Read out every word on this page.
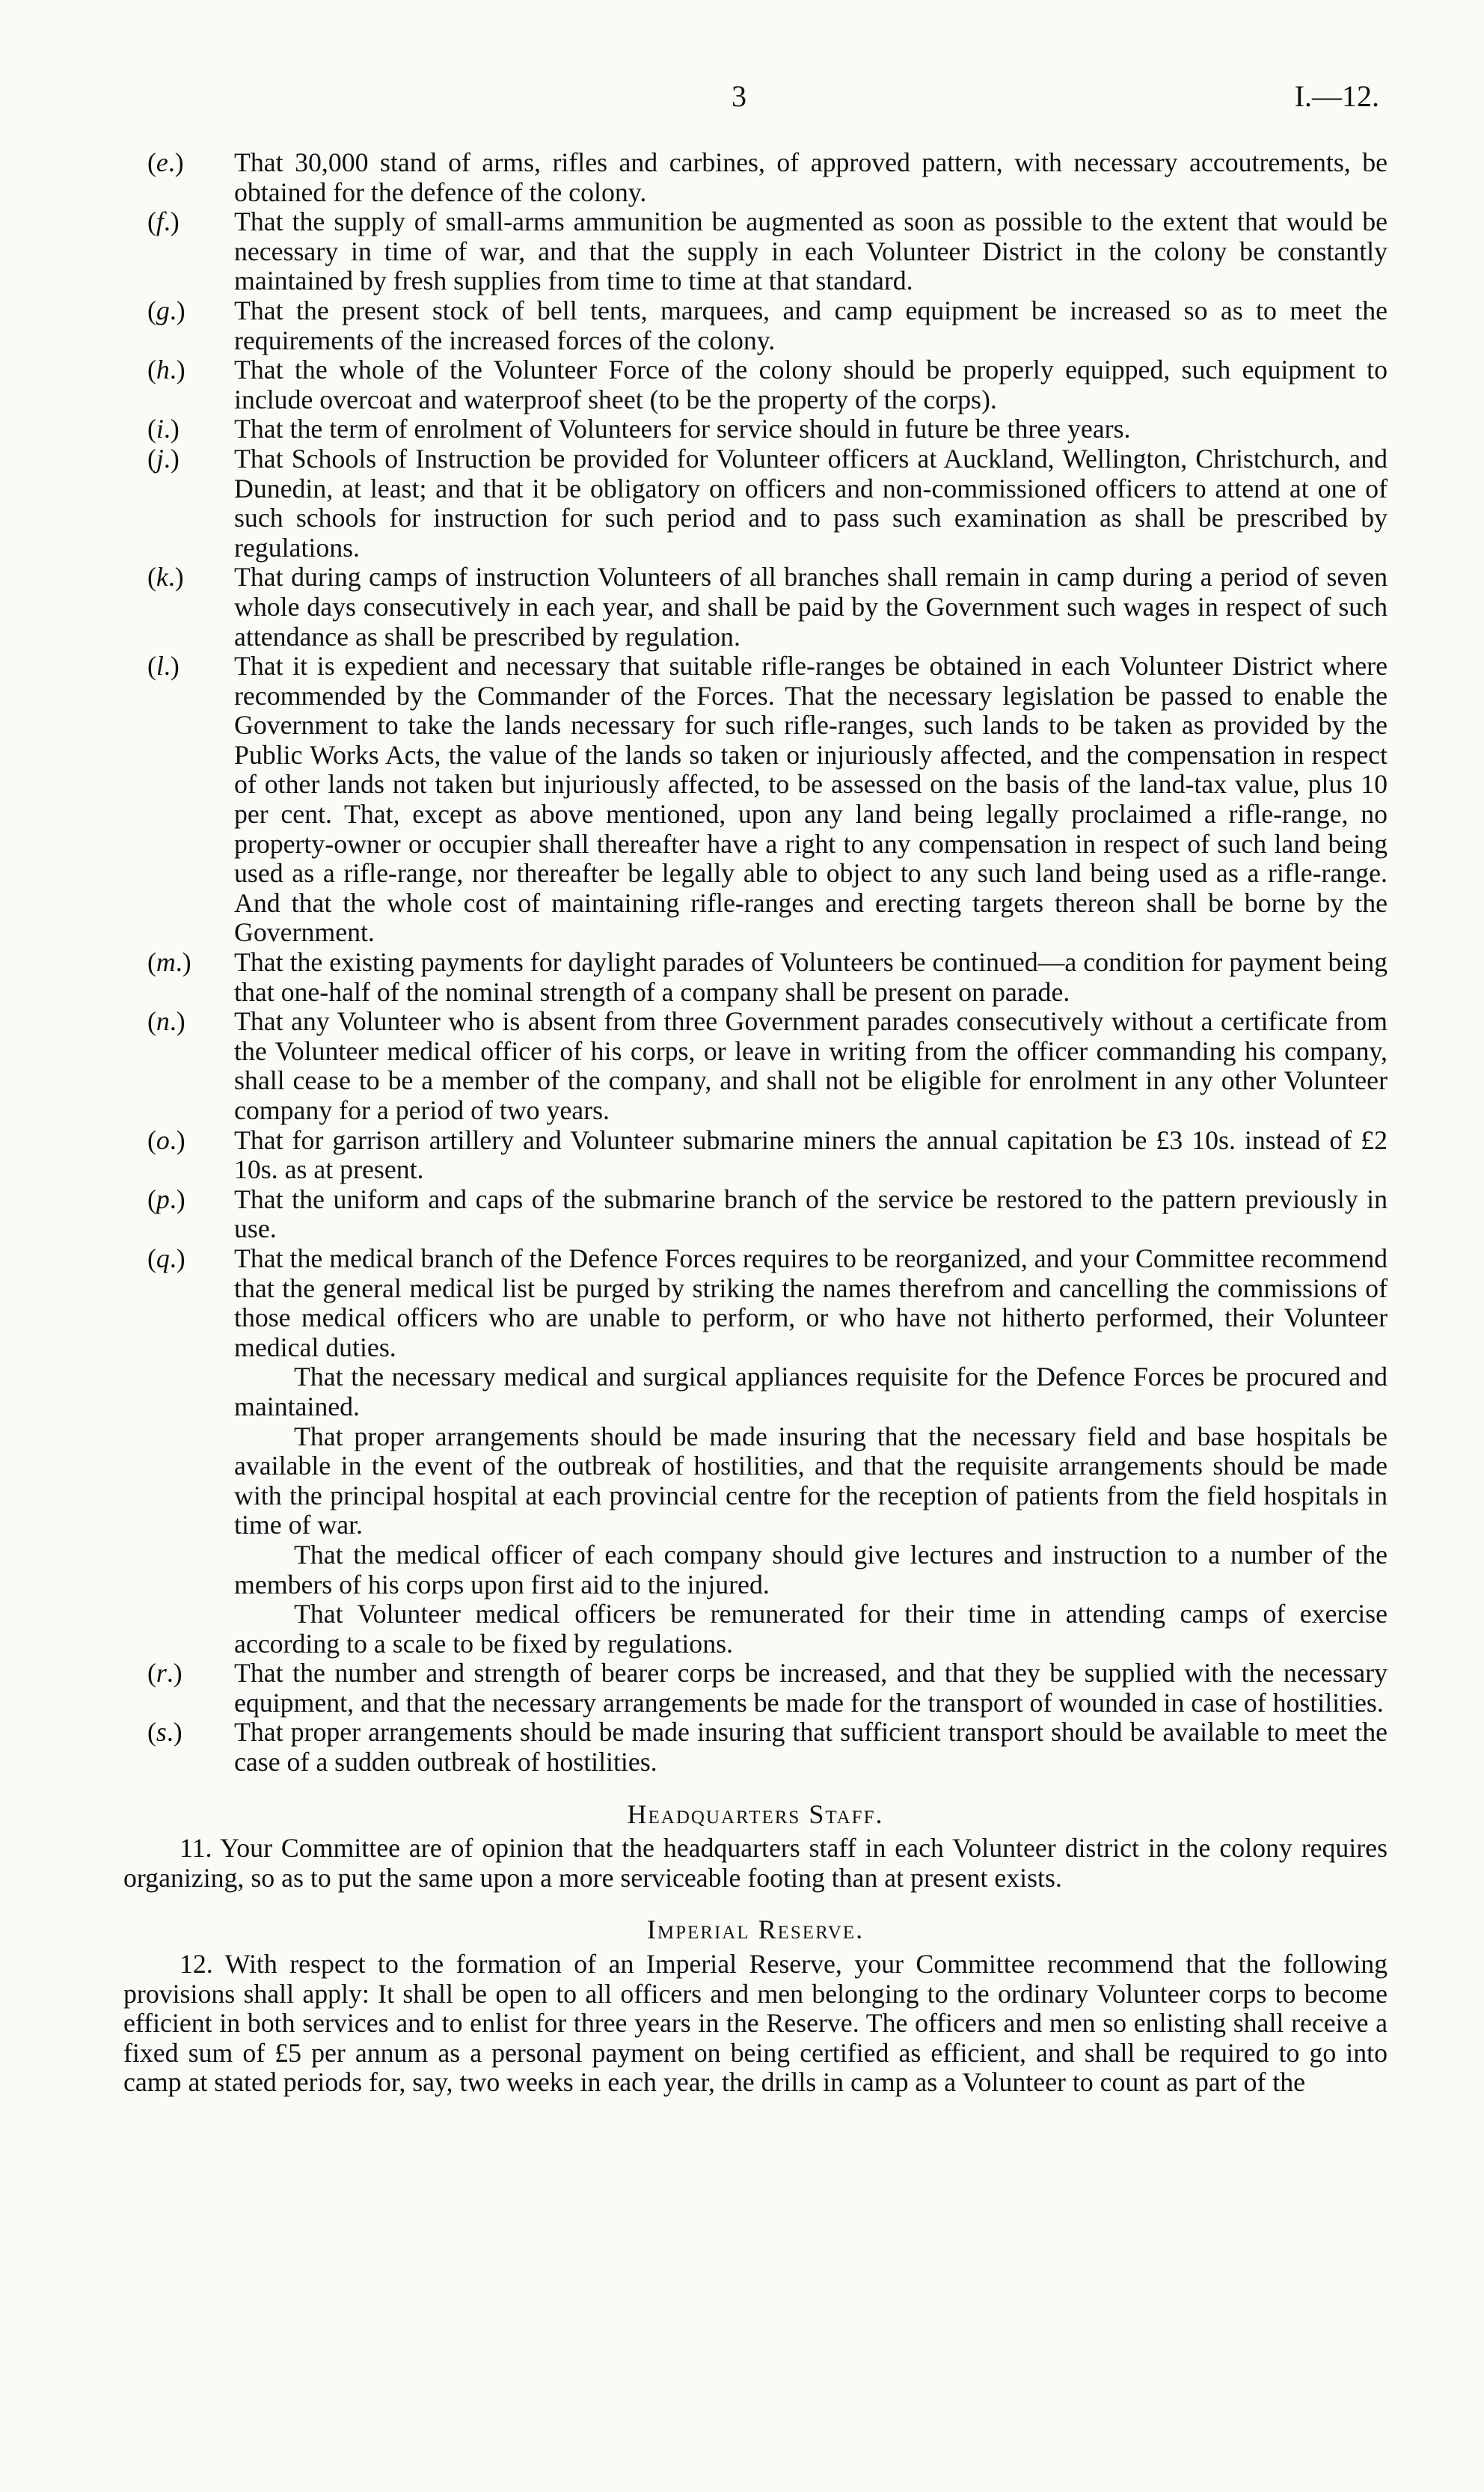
3	I.—12.

(e.) That 30,000 stand of arms, rifles and carbines, of approved pattern, with necessary accoutrements, be obtained for the defence of the colony.

(f.) That the supply of small-arms ammunition be augmented as soon as possible to the extent that would be necessary in time of war, and that the supply in each Volunteer District in the colony be constantly maintained by fresh supplies from time to time at that standard.

(g.) That the present stock of bell tents, marquees, and camp equipment be increased so as to meet the requirements of the increased forces of the colony.

(h.) That the whole of the Volunteer Force of the colony should be properly equipped, such equipment to include overcoat and waterproof sheet (to be the property of the corps).

(i.) That the term of enrolment of Volunteers for service should in future be three years.

(j.) That Schools of Instruction be provided for Volunteer officers at Auckland, Wellington, Christchurch, and Dunedin, at least; and that it be obligatory on officers and non-commissioned officers to attend at one of such schools for instruction for such period and to pass such examination as shall be prescribed by regulations.

(k.) That during camps of instruction Volunteers of all branches shall remain in camp during a period of seven whole days consecutively in each year, and shall be paid by the Government such wages in respect of such attendance as shall be prescribed by regulation.

(l.) That it is expedient and necessary that suitable rifle-ranges be obtained in each Volunteer District where recommended by the Commander of the Forces. That the necessary legislation be passed to enable the Government to take the lands necessary for such rifle-ranges, such lands to be taken as provided by the Public Works Acts, the value of the lands so taken or injuriously affected, and the compensation in respect of other lands not taken but injuriously affected, to be assessed on the basis of the land-tax value, plus 10 per cent. That, except as above mentioned, upon any land being legally proclaimed a rifle-range, no property-owner or occupier shall thereafter have a right to any compensation in respect of such land being used as a rifle-range, nor thereafter be legally able to object to any such land being used as a rifle-range. And that the whole cost of maintaining rifle-ranges and erecting targets thereon shall be borne by the Government.

(m.) That the existing payments for daylight parades of Volunteers be continued—a condition for payment being that one-half of the nominal strength of a company shall be present on parade.

(n.) That any Volunteer who is absent from three Government parades consecutively without a certificate from the Volunteer medical officer of his corps, or leave in writing from the officer commanding his company, shall cease to be a member of the company, and shall not be eligible for enrolment in any other Volunteer company for a period of two years.

(o.) That for garrison artillery and Volunteer submarine miners the annual capitation be £3 10s. instead of £2 10s. as at present.

(p.) That the uniform and caps of the submarine branch of the service be restored to the pattern previously in use.

(q.) That the medical branch of the Defence Forces requires to be reorganized, and your Committee recommend that the general medical list be purged by striking the names therefrom and cancelling the commissions of those medical officers who are unable to perform, or who have not hitherto performed, their Volunteer medical duties.

That the necessary medical and surgical appliances requisite for the Defence Forces be procured and maintained.

That proper arrangements should be made insuring that the necessary field and base hospitals be available in the event of the outbreak of hostilities, and that the requisite arrangements should be made with the principal hospital at each provincial centre for the reception of patients from the field hospitals in time of war.

That the medical officer of each company should give lectures and instruction to a number of the members of his corps upon first aid to the injured.

That Volunteer medical officers be remunerated for their time in attending camps of exercise according to a scale to be fixed by regulations.

(r.) That the number and strength of bearer corps be increased, and that they be supplied with the necessary equipment, and that the necessary arrangements be made for the transport of wounded in case of hostilities.

(s.) That proper arrangements should be made insuring that sufficient transport should be available to meet the case of a sudden outbreak of hostilities.

Headquarters Staff.

11. Your Committee are of opinion that the headquarters staff in each Volunteer district in the colony requires organizing, so as to put the same upon a more serviceable footing than at present exists.

Imperial Reserve.

12. With respect to the formation of an Imperial Reserve, your Committee recommend that the following provisions shall apply: It shall be open to all officers and men belonging to the ordinary Volunteer corps to become efficient in both services and to enlist for three years in the Reserve. The officers and men so enlisting shall receive a fixed sum of £5 per annum as a personal payment on being certified as efficient, and shall be required to go into camp at stated periods for, say, two weeks in each year, the drills in camp as a Volunteer to count as part of the
